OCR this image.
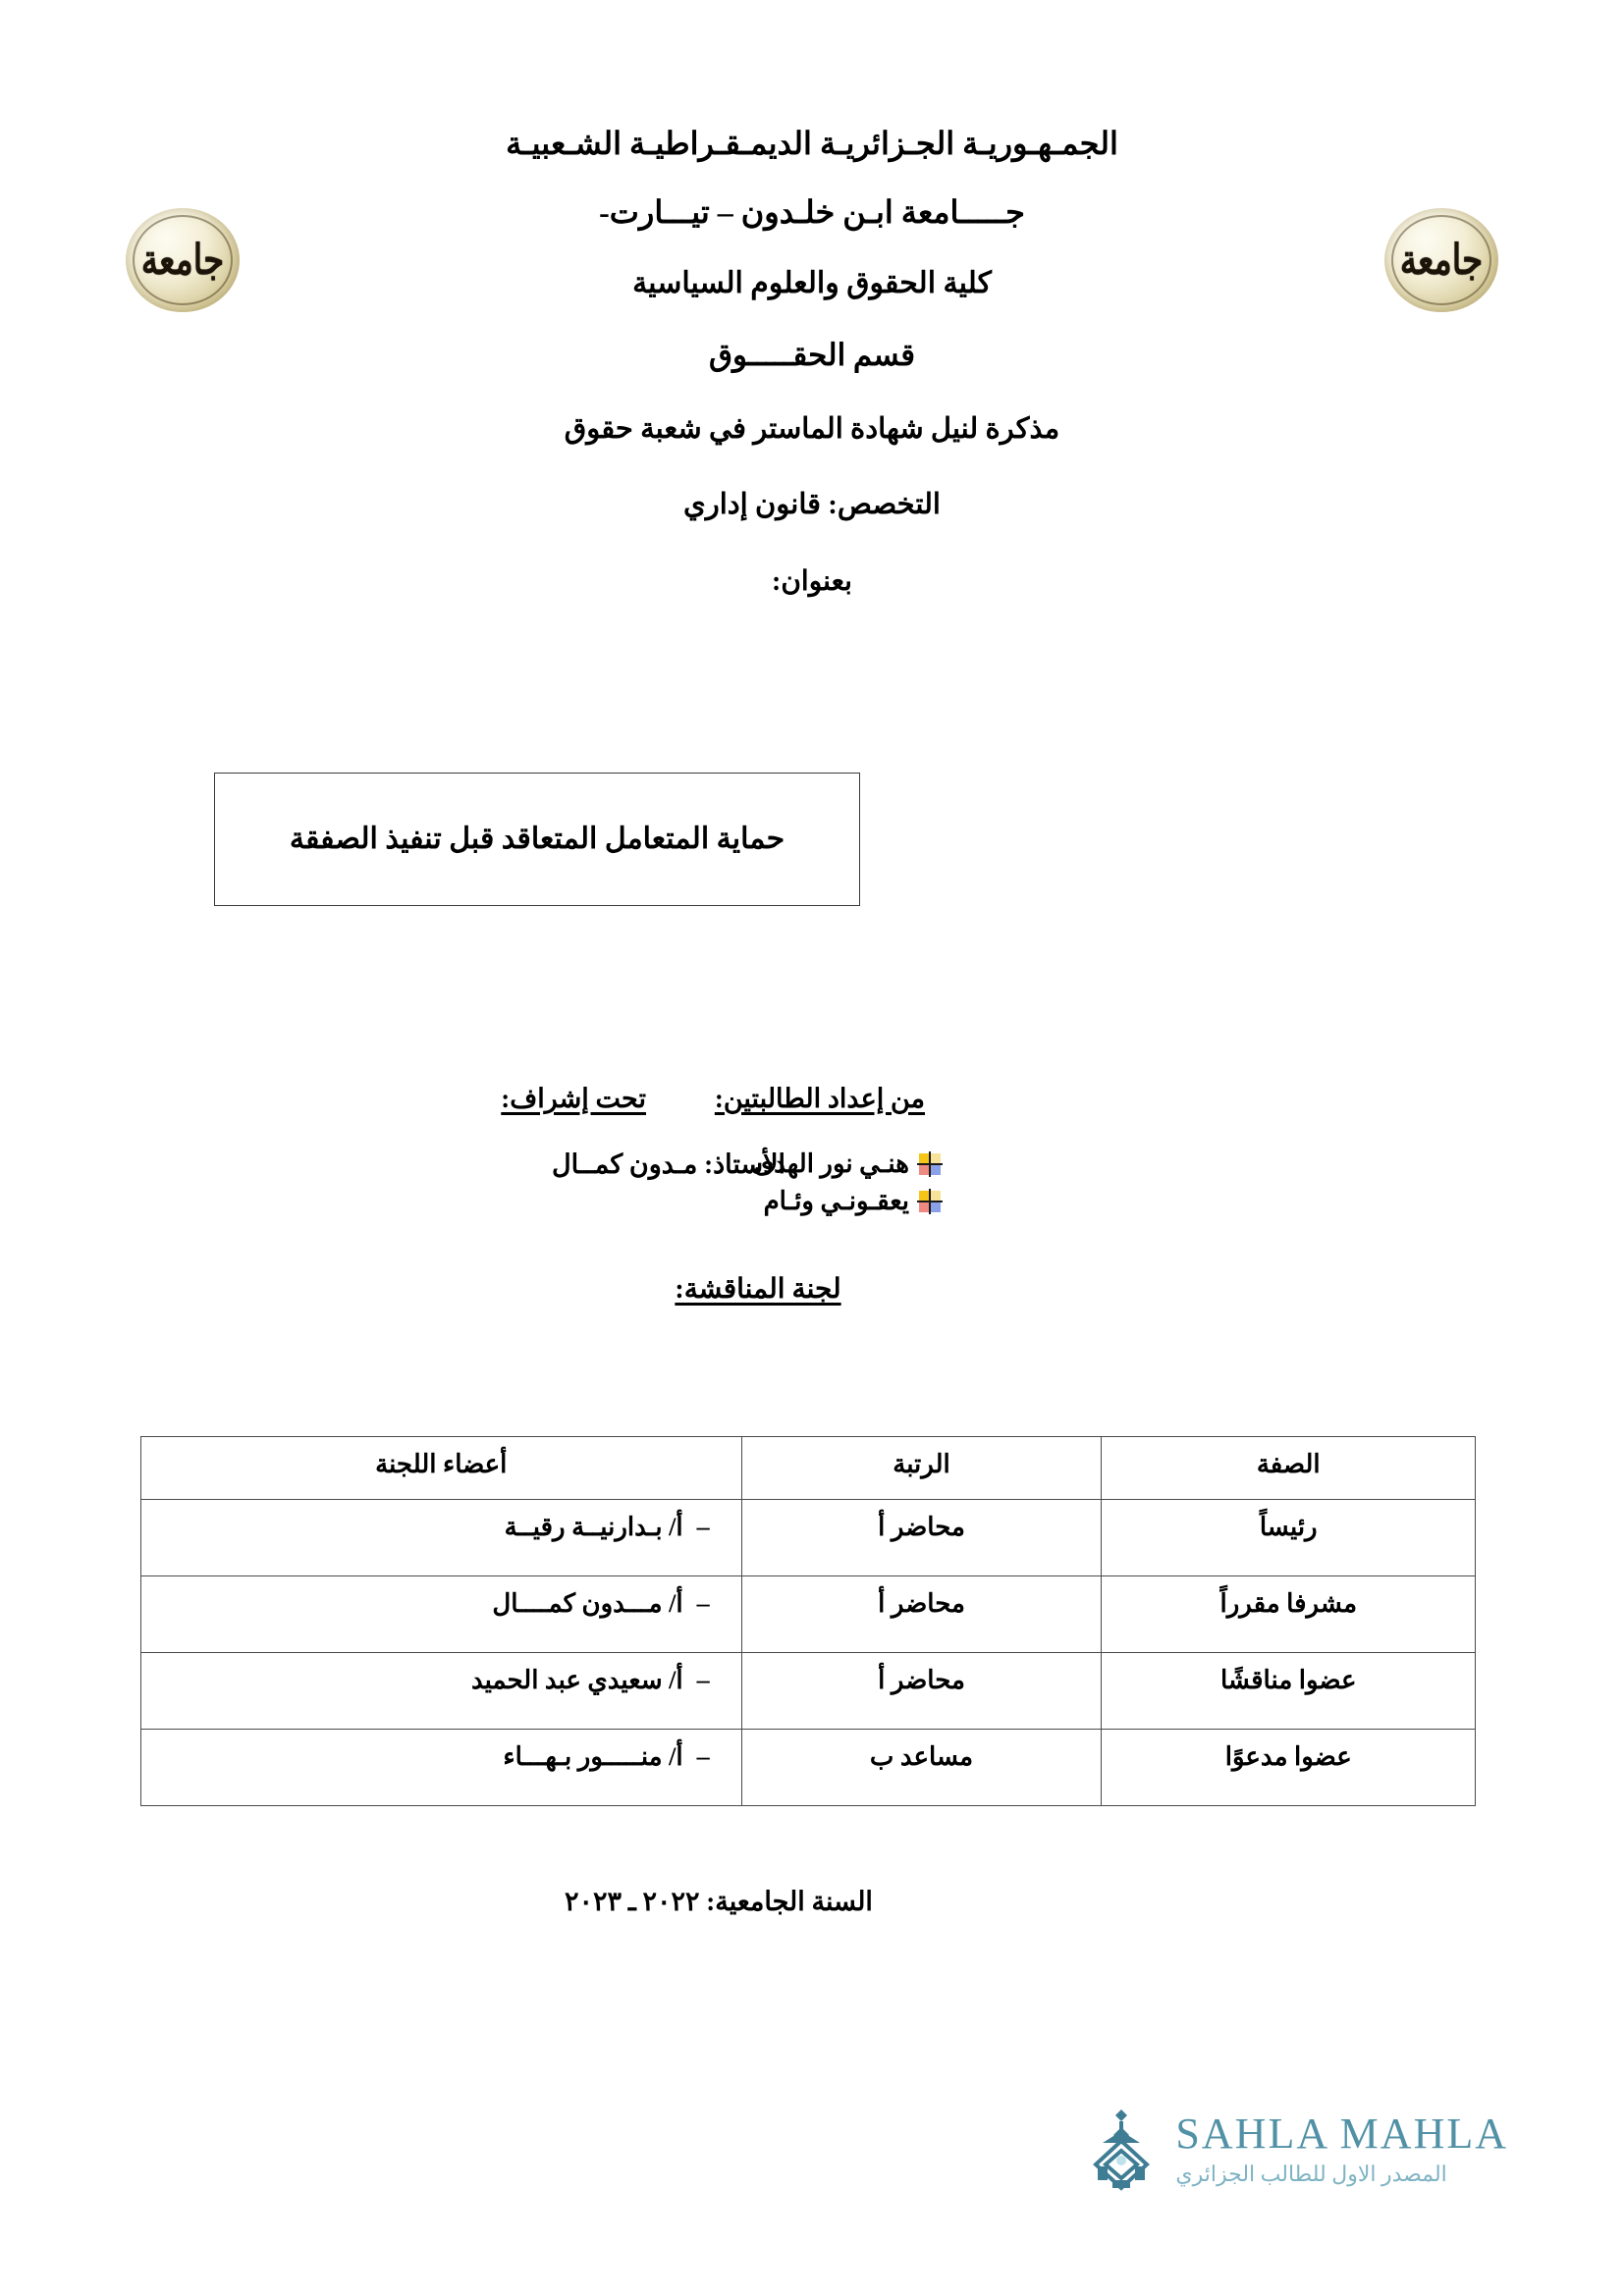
جامعة	جامعة
الجمـهـوريـة الجـزائريـة الديمـقـراطيـة الشـعبيـة
جـــــامعة ابـن خلـدون – تيـــارت-
كلية الحقوق والعلوم السياسية
قسم الحقـــــوق
مذكرة لنيل شهادة الماستر في شعبة حقوق
التخصص: قانون إداري
بعنوان:
حماية المتعامل المتعاقد قبل تنفيذ الصفقة
من إعداد الطالبتين:
هنـي نور الهدى
يعقـونـي وئـام
تحت إشراف:
الأستاذ: مـدون كمــال
لجنة المناقشة:
الصفة	الرتبة	أعضاء اللجنة
رئيساً	محاضر أ	–أ/ بـدارنيــة رقيــة
مشرفا مقرراً	محاضر أ	–أ/ مـــدون كمــــال
عضوا مناقشًا	محاضر أ	–أ/ سعيدي عبد الحميد
عضوا مدعوًا	مساعد ب	–أ/ منـــــور بـهـــاء
السنة الجامعية: ٢٠٢٢ ـ ٢٠٢٣
SAHLA MAHLA
المصدر الاول للطالب الجزائري
